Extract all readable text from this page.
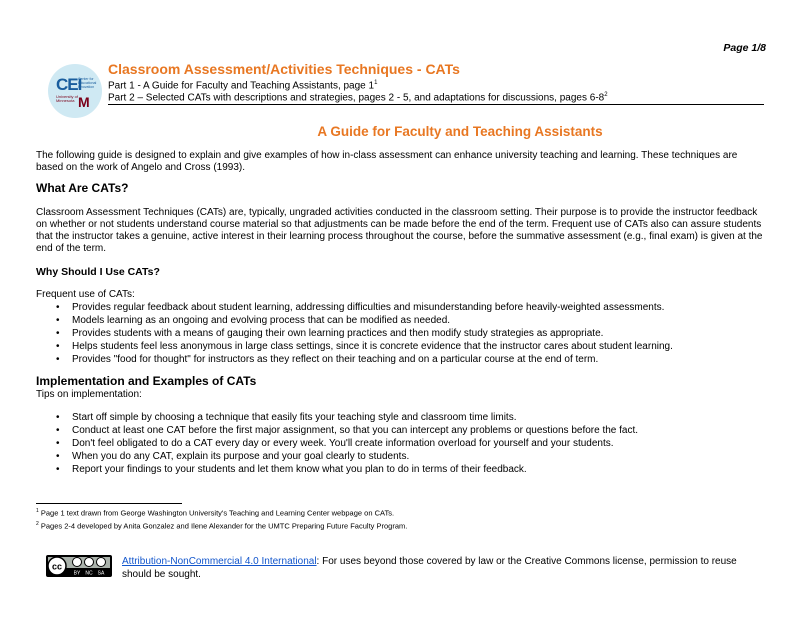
Page 1/8
CEI
Center for Educational Innovation
University of Minnesota M
Classroom Assessment/Activities Techniques - CATs
Part 1 - A Guide for Faculty and Teaching Assistants, page $1^1$
Part 2 – Selected CATs with descriptions and strategies, pages 2 - 5, and adaptations for discussions, pages $6-8^2$
A Guide for Faculty and Teaching Assistants
The following guide is designed to explain and give examples of how in-class assessment can enhance university teaching and learning. These techniques are based on the work of Angelo and Cross (1993).
What Are CATs?
Classroom Assessment Techniques (CATs) are, typically, ungraded activities conducted in the classroom setting. Their purpose is to provide the instructor feedback on whether or not students understand course material so that adjustments can be made before the end of the term. Frequent use of CATs also can assure students that the instructor takes a genuine, active interest in their learning process throughout the course, before the summative assessment (e.g., final exam) is given at the end of the term.
Why Should I Use CATs?
Frequent use of CATs:
• Provides regular feedback about student learning, addressing difficulties and misunderstanding before heavily-weighted assessments.
• Models learning as an ongoing and evolving process that can be modified as needed.
• Provides students with a means of gauging their own learning practices and then modify study strategies as appropriate.
• Helps students feel less anonymous in large class settings, since it is concrete evidence that the instructor cares about student learning.
• Provides "food for thought" for instructors as they reflect on their teaching and on a particular course at the end of term.
Implementation and Examples of CATs
Tips on implementation:
• Start off simple by choosing a technique that easily fits your teaching style and classroom time limits.
• Conduct at least one CAT before the first major assignment, so that you can intercept any problems or questions before the fact.
• Don't feel obligated to do a CAT every day or every week. You'll create information overload for yourself and your students.
• When you do any CAT, explain its purpose and your goal clearly to students.
• Report your findings to your students and let them know what you plan to do in terms of their feedback.
$^1$ Page 1 text drawn from George Washington University's Teaching and Learning Center webpage on CATs.
$^2$ Pages 2-4 developed by Anita Gonzalez and Ilene Alexander for the UMTC Preparing Future Faculty Program.
cc
BY NC SA
Attribution-NonCommercial 4.0 International: For uses beyond those covered by law or the Creative Commons license, permission to reuse should be sought.
